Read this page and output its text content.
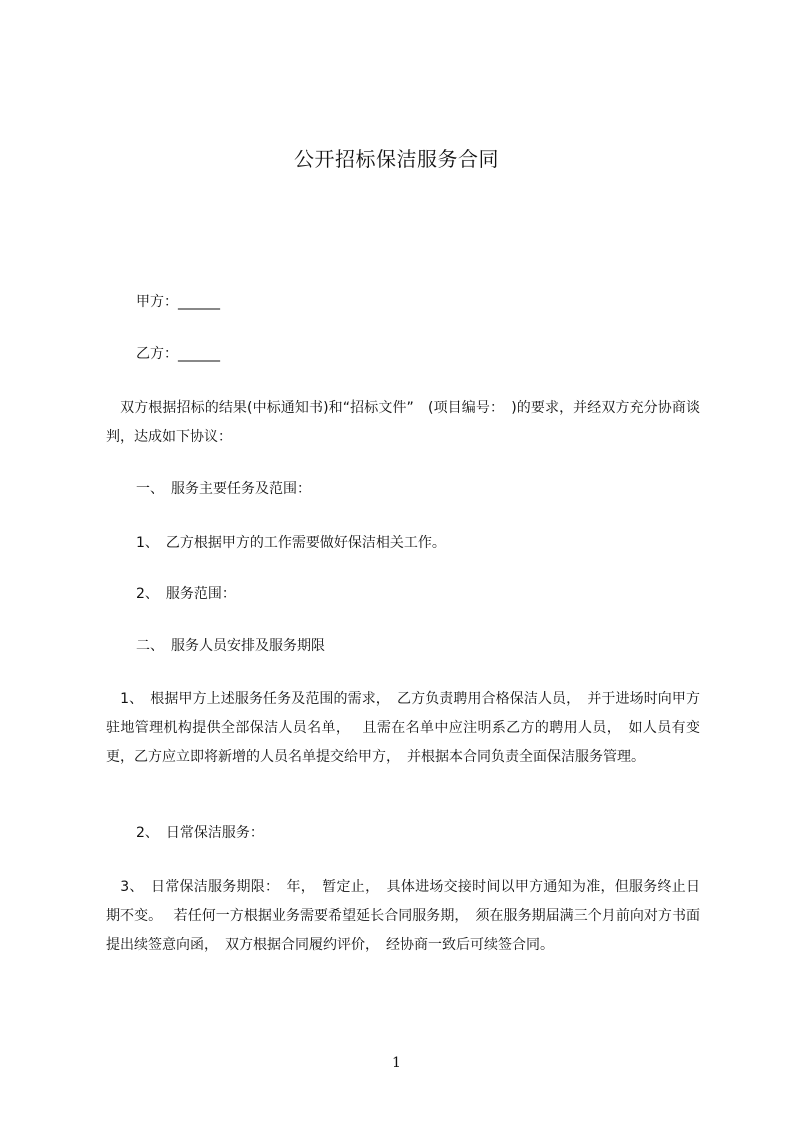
公开招标保洁服务合同
甲方：______
乙方：______
　双方根据招标的结果(中标通知书)和“招标文件”　(项目编号：　)的要求，并经双方充分协商谈判，达成如下协议：
一、　服务主要任务及范围：
1、　乙方根据甲方的工作需要做好保洁相关工作。
2、　服务范围：
二、　服务人员安排及服务期限
　1、　根据甲方上述服务任务及范围的需求，　乙方负责聘用合格保洁人员，　并于进场时向甲方驻地管理机构提供全部保洁人员名单，　 且需在名单中应注明系乙方的聘用人员，　如人员有变更，乙方应立即将新增的人员名单提交给甲方，　并根据本合同负责全面保洁服务管理。
2、　日常保洁服务：
　3、　日常保洁服务期限：　年，　暂定止，　具体进场交接时间以甲方通知为准，但服务终止日期不变。　 若任何一方根据业务需要希望延长合同服务期，　须在服务期届满三个月前向对方书面提出续签意向函，　双方根据合同履约评价，　经协商一致后可续签合同。
1
